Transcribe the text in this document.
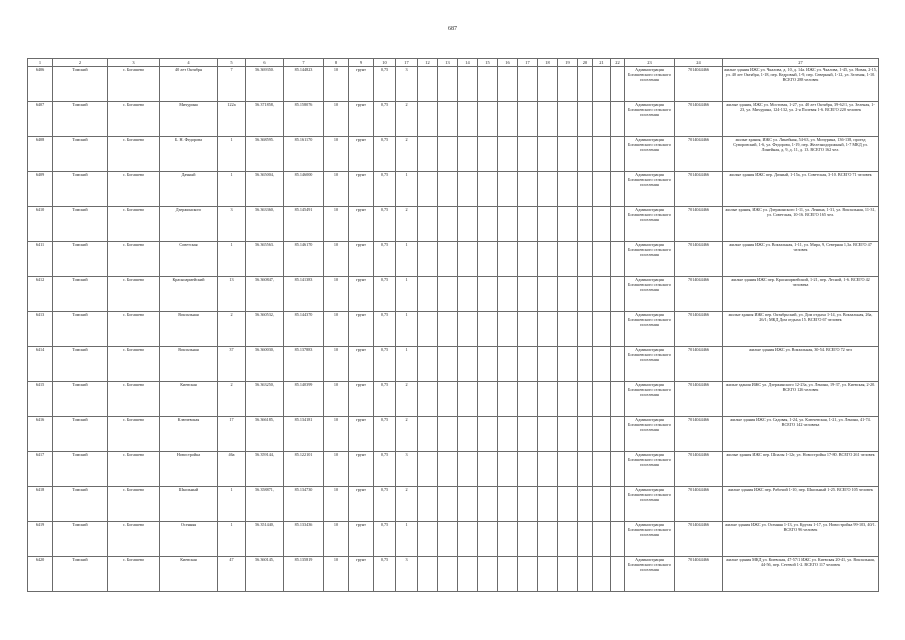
687
1	2	3	4	5	6	7	8	9	10	17	12	13	14	15	16	17	18	19	20	21	22	23	24	27
6406	Томский	с. Богашево	40 лет Октября	7	56.369350.	85.144823	10	грунт	0,75	3												Администрация Богашевского сельского поселения	7014044466	жилые здания ИЖС ул. Чкалова, д. 10, д. 14а. ИЖС ул. Чкалова, 1-45, ул. Новая, 2-15, ул. 40 лет Октября, 1-18, пер. Кедровый, 1-9, пер. Северный, 1-12, ул. Зеленая, 1-10. ВСЕГО 288 человек
6407	Томский	с. Богашево	Мичурина	122а	56.371858,	85.158076	10	грунт	0,75	2												Администрация Богашевского сельского поселения	7014044466	жилые здания, ИЖС ул. Мостовая, 1-27, ул. 40 лет Октября, 39-62/1, ул. Зеленая, 1-23, ул. Мичурина, 124-132, ул. 2-я Полевая 1-6. ВСЕГО 220 человек
6408	Томский	с. Богашево	Б. Н. Федорова	1	56.368595.	85.161170	10	грунт	0,75	2												Администрация Богашевского сельского поселения	7014044466	жилые здания, ИЖС ул. Линейная, 54-63, ул. Мичурина, 136-138, проезд Суворовский, 1-6, ул. Федорова, 1-19, пер. Железнодорожный, 1-7 МКД ул. Линейная, д. 9, д. 11, д. 13. ВСЕГО 162 чел.
6409	Томский	с. Богашево	Дачный	1	56.365004,	85.146000	10	грунт	0,75	1												Администрация Богашевского сельского поселения	7014044466	жилые здания ИЖС пер. Дачный, 1-15а, ул. Советская, 3-10. ВСЕГО 71 человек
6410	Томский	с. Богашево	Дзержинского	3	56.363360,	85.145491	10	грунт	0,75	2												Администрация Богашевского сельского поселения	7014044466	жилые здания, ИЖС ул. Дзержинского 1-11, ул. Ленина, 1-31, ул. Вокзальная, 11-31, ул. Советская, 10-16. ВСЕГО 165 чел.
6411	Томский	с. Богашево	Советская	1	56.365563.	85.146170	10	грунт	0,75	1												Администрация Богашевского сельского поселения	7014044466	жилые здания ИЖС ул. Вокзальная, 1-11, ул. Мира, 9, Северная 1,3а. ВСЕГО 47 человек
6412	Томский	с. Богашево	Красноармейский	13	56.360847,	85.141383	10	грунт	0,75	1												Администрация Богашевского сельского поселения	7014044466	жилые здания ИЖС пер. Красноармейский, 1-21, пер. Лесной, 1-6. ВСЕГО 42 человека
6413	Томский	с. Богашево	Вокзальная	2	56.360532,	85.144370	10	грунт	0,75	1												Администрация Богашевского сельского поселения	7014044466	жилые здания ИЖС пер. Октябрьский, ул. Дом отдыха 1-14, ул. Вокзальная, 26а, 26/1; МКД Дом отдыха 15. ВСЕГО 67 человек
6414	Томский	с. Богашево	Вокзальная	37	56.360030,	85.137883	10	грунт	0,75	1												Администрация Богашевского сельского поселения	7014044466	жилые здания ИЖС ул. Вокзальная, 30-54. ВСЕГО 72 чел
6415	Томский	с. Богашево	Киевская	2	56.363250,	85.140399	10	грунт	0,75	2												Администрация Богашевского сельского поселения	7014044466	жилые здания ИЖС ул. Дзержинского 12-23а, ул. Ленина, 19-37, ул. Киевская, 2-20. ВСЕГО 126 человек
6416	Томский	с. Богашево	Ключевская	17	56.366185,	85.134181	10	грунт	0,75	2												Администрация Богашевского сельского поселения	7014044466	жилые здания ИЖС ул. Садовая, 1-24, ул. Ключевская, 1-21, ул. Ленина, 41-74. ВСЕГО 142 человека
6417	Томский	с. Богашево	Новостройка	46а	56.359144,	85.122101	10	грунт	0,75	3												Администрация Богашевского сельского поселения	7014044466	жилые здания ИЖС пер. Шпалы 1-12г, ул. Новостройка 17-80. ВСЕГО 261 человек
6418	Томский	с. Богашево	Школьный	1	56.358871,	85.134730	10	грунт	0,75	2												Администрация Богашевского сельского поселения	7014044466	жилые здания ИЖС пер. Рабочий 1-10, пер. Школьный 1-25. ВСЕГО 105 человек
6419	Томский	с. Богашево	Осенняя	1	56.351440,	85.133436	10	грунт	0,75	1												Администрация Богашевского сельского поселения	7014044466	жилые здания ИЖС ул. Осенняя 1-13, ул. Кругая 1-17, ул. Новостройка 99-103, 40/1. ВСЕГО 96 человек
6420	Томский	с. Богашево	Киевская	47	56.360145,	85.135819	10	грунт	0,75	3												Администрация Богашевского сельского поселения	7014044466	жилые здания МКД ул. Киевская, 47-57/1 ИЖС ул. Киевская 20-41, ул. Вокзальная, 44-56, пер. Сетевой 1-2. ВСЕГО 117 человек
